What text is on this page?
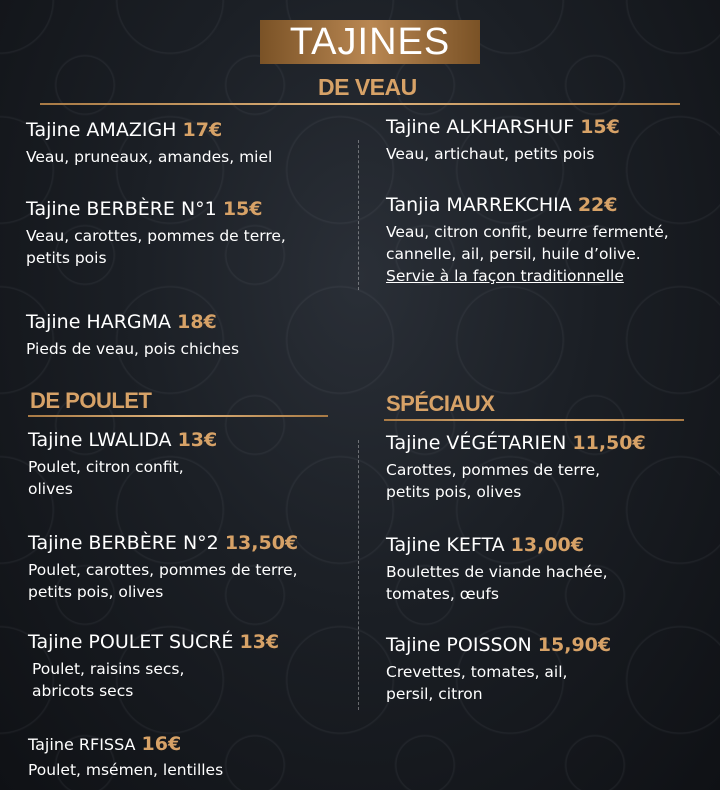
TAJINES
DE VEAU
Tajine AMAZIGH 17€
Veau, pruneaux, amandes, miel
Tajine BERBÈRE N°1 15€
Veau, carottes, pommes de terre,
petits pois
Tajine HARGMA 18€
Pieds de veau, pois chiches
Tajine ALKHARSHUF 15€
Veau, artichaut, petits pois
Tanjia MARREKCHIA 22€
Veau, citron confit, beurre fermenté,
cannelle, ail, persil, huile d’olive.
Servie à la façon traditionnelle
DE POULET
Tajine LWALIDA 13€
Poulet, citron confit,
olives
Tajine BERBÈRE N°2 13,50€
Poulet, carottes, pommes de terre,
petits pois, olives
Tajine POULET SUCRÉ 13€
Poulet, raisins secs,
abricots secs
Tajine RFISSA 16€
Poulet, msémen, lentilles
SPÉCIAUX
Tajine VÉGÉTARIEN 11,50€
Carottes, pommes de terre,
petits pois, olives
Tajine KEFTA 13,00€
Boulettes de viande hachée,
tomates, œufs
Tajine POISSON 15,90€
Crevettes, tomates, ail,
persil, citron
